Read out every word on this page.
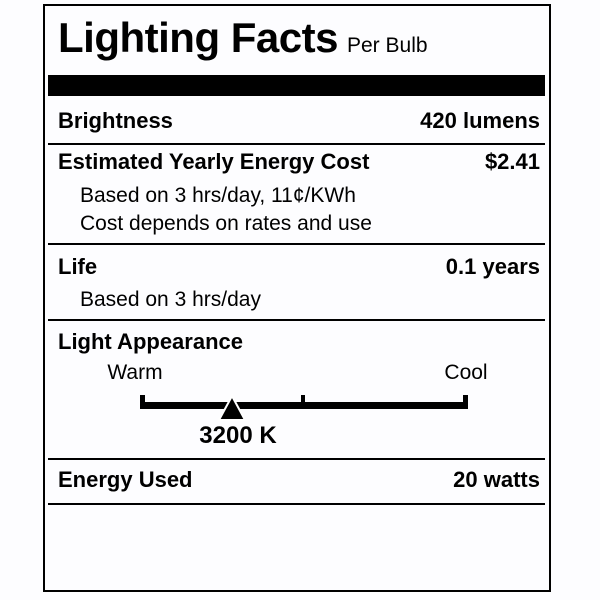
Lighting Facts Per Bulb
Brightness	420 lumens
Estimated Yearly Energy Cost	$2.41
Based on 3 hrs/day, 11¢/KWh
Cost depends on rates and use
Life	0.1 years
Based on 3 hrs/day
Light Appearance
Warm	Cool
3200 K
Energy Used	20 watts
